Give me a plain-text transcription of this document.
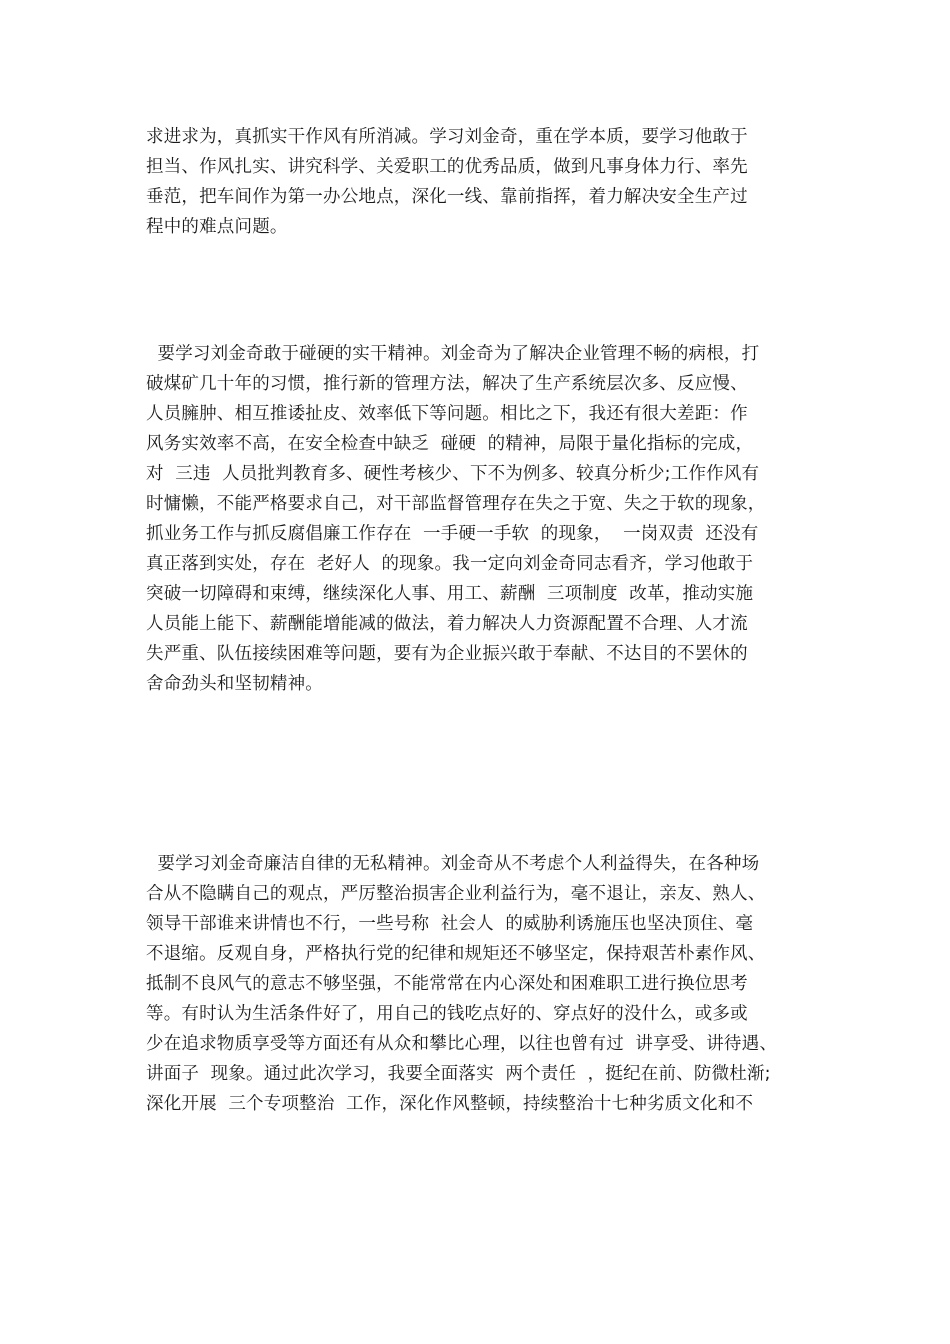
求进求为，真抓实干作风有所消减。学习刘金奇，重在学本质，要学习他敢于
担当、作风扎实、讲究科学、关爱职工的优秀品质，做到凡事身体力行、率先
垂范，把车间作为第一办公地点，深化一线、靠前指挥，着力解决安全生产过
程中的难点问题。
要学习刘金奇敢于碰硬的实干精神。刘金奇为了解决企业管理不畅的病根，打
破煤矿几十年的习惯，推行新的管理方法，解决了生产系统层次多、反应慢、
人员臃肿、相互推诿扯皮、效率低下等问题。相比之下，我还有很大差距：作
风务实效率不高，在安全检查中缺乏  碰硬  的精神，局限于量化指标的完成，
对  三违  人员批判教育多、硬性考核少、下不为例多、较真分析少;工作作风有
时慵懒，不能严格要求自己，对干部监督管理存在失之于宽、失之于软的现象，
抓业务工作与抓反腐倡廉工作存在  一手硬一手软  的现象，  一岗双责  还没有
真正落到实处，存在  老好人  的现象。我一定向刘金奇同志看齐，学习他敢于
突破一切障碍和束缚，继续深化人事、用工、薪酬  三项制度  改革，推动实施
人员能上能下、薪酬能增能减的做法，着力解决人力资源配置不合理、人才流
失严重、队伍接续困难等问题，要有为企业振兴敢于奉献、不达目的不罢休的
舍命劲头和坚韧精神。
要学习刘金奇廉洁自律的无私精神。刘金奇从不考虑个人利益得失，在各种场
合从不隐瞒自己的观点，严厉整治损害企业利益行为，毫不退让，亲友、熟人、
领导干部谁来讲情也不行，一些号称  社会人  的威胁利诱施压也坚决顶住、毫
不退缩。反观自身，严格执行党的纪律和规矩还不够坚定，保持艰苦朴素作风、
抵制不良风气的意志不够坚强，不能常常在内心深处和困难职工进行换位思考
等。有时认为生活条件好了，用自己的钱吃点好的、穿点好的没什么，或多或
少在追求物质享受等方面还有从众和攀比心理，以往也曾有过  讲享受、讲待遇、
讲面子  现象。通过此次学习，我要全面落实  两个责任  ，挺纪在前、防微杜渐;
深化开展  三个专项整治  工作，深化作风整顿，持续整治十七种劣质文化和不
